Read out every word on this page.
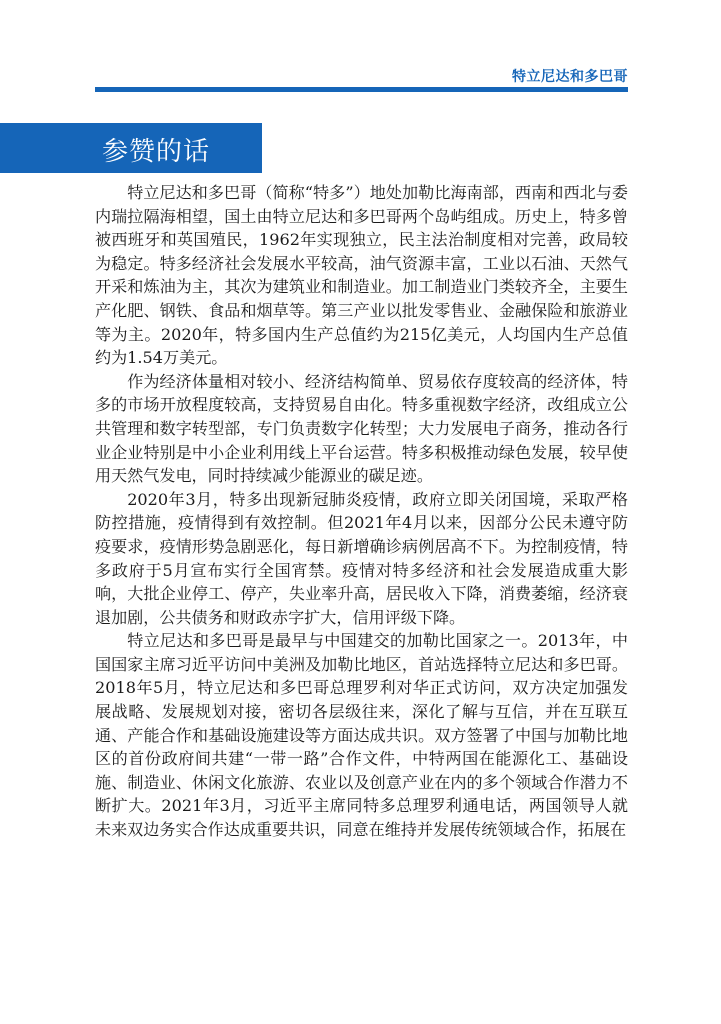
特立尼达和多巴哥
参赞的话

特立尼达和多巴哥（简称“特多”）地处加勒比海南部，西南和西北与委内瑞拉隔海相望，国土由特立尼达和多巴哥两个岛屿组成。历史上，特多曾被西班牙和英国殖民，1962年实现独立，民主法治制度相对完善，政局较为稳定。特多经济社会发展水平较高，油气资源丰富，工业以石油、天然气开采和炼油为主，其次为建筑业和制造业。加工制造业门类较齐全，主要生产化肥、钢铁、食品和烟草等。第三产业以批发零售业、金融保险和旅游业等为主。2020年，特多国内生产总值约为215亿美元，人均国内生产总值约为1.54万美元。

作为经济体量相对较小、经济结构简单、贸易依存度较高的经济体，特多的市场开放程度较高，支持贸易自由化。特多重视数字经济，改组成立公共管理和数字转型部，专门负责数字化转型；大力发展电子商务，推动各行业企业特别是中小企业利用线上平台运营。特多积极推动绿色发展，较早使用天然气发电，同时持续减少能源业的碳足迹。

2020年3月，特多出现新冠肺炎疫情，政府立即关闭国境，采取严格防控措施，疫情得到有效控制。但2021年4月以来，因部分公民未遵守防疫要求，疫情形势急剧恶化，每日新增确诊病例居高不下。为控制疫情，特多政府于5月宣布实行全国宵禁。疫情对特多经济和社会发展造成重大影响，大批企业停工、停产，失业率升高，居民收入下降，消费萎缩，经济衰退加剧，公共债务和财政赤字扩大，信用评级下降。

特立尼达和多巴哥是最早与中国建交的加勒比国家之一。2013年，中国国家主席习近平访问中美洲及加勒比地区，首站选择特立尼达和多巴哥。2018年5月，特立尼达和多巴哥总理罗利对华正式访问，双方决定加强发展战略、发展规划对接，密切各层级往来，深化了解与互信，并在互联互通、产能合作和基础设施建设等方面达成共识。双方签署了中国与加勒比地区的首份政府间共建“一带一路”合作文件，中特两国在能源化工、基础设施、制造业、休闲文化旅游、农业以及创意产业在内的多个领域合作潜力不断扩大。2021年3月，习近平主席同特多总理罗利通电话，两国领导人就未来双边务实合作达成重要共识，同意在维持并发展传统领域合作，拓展在
